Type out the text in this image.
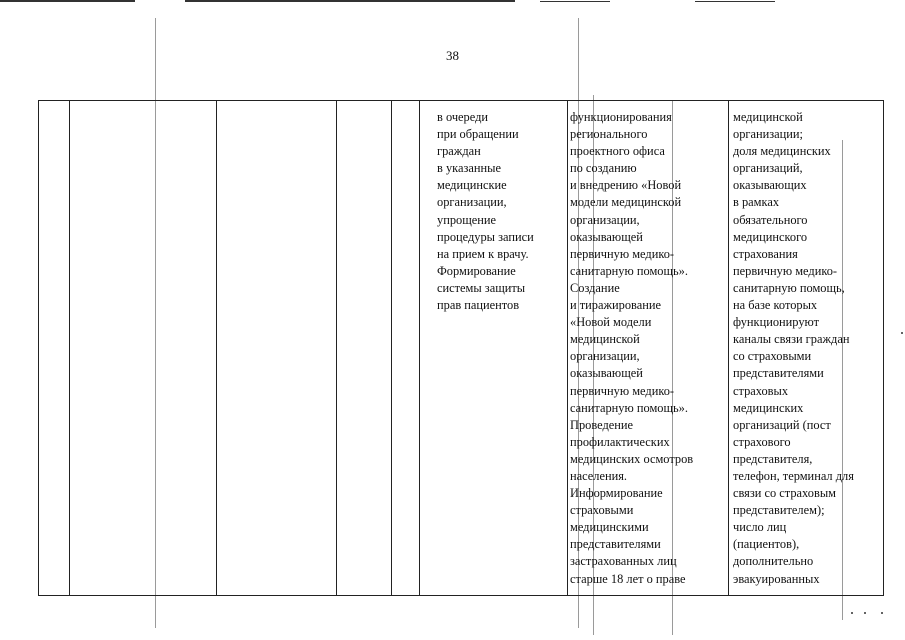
38
в очереди
при обращении
граждан
в указанные
медицинские
организации,
упрощение
процедуры записи
на прием к врачу.
Формирование
системы защиты
прав пациентов
функционирования
регионального
проектного офиса
по созданию
и внедрению «Новой
модели медицинской
организации,
оказывающей
первичную медико-
санитарную помощь».
Создание
и тиражирование
«Новой модели
медицинской
организации,
оказывающей
первичную медико-
санитарную помощь».
Проведение
профилактических
медицинских осмотров
населения.
Информирование
страховыми
медицинскими
представителями
застрахованных лиц
старше 18 лет о праве
медицинской
организации;
доля медицинских
организаций,
оказывающих
в рамках
обязательного
медицинского
страхования
первичную медико-
санитарную помощь,
на базе которых
функционируют
каналы связи граждан
со страховыми
представителями
страховых
медицинских
организаций (пост
страхового
представителя,
телефон, терминал для
связи со страховым
представителем);
число лиц
(пациентов),
дополнительно
эвакуированных
